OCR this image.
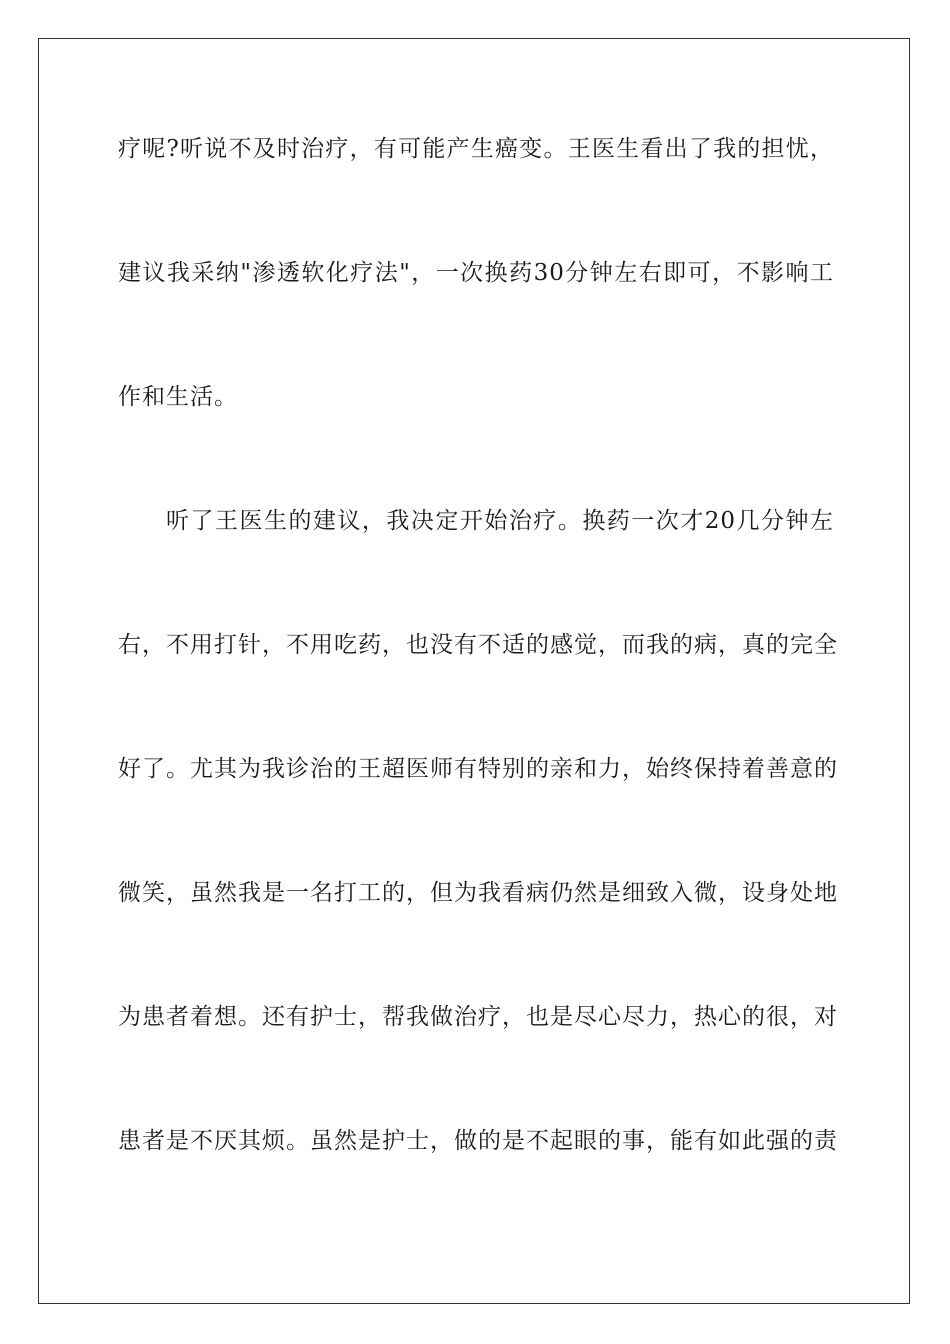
疗呢?听说不及时治疗，有可能产生癌变。王医生看出了我的担忧，
建议我采纳"渗透软化疗法"，一次换药30分钟左右即可，不影响工
作和生活。
听了王医生的建议，我决定开始治疗。换药一次才20几分钟左
右，不用打针，不用吃药，也没有不适的感觉，而我的病，真的完全
好了。尤其为我诊治的王超医师有特别的亲和力，始终保持着善意的
微笑，虽然我是一名打工的，但为我看病仍然是细致入微，设身处地
为患者着想。还有护士，帮我做治疗，也是尽心尽力，热心的很，对
患者是不厌其烦。虽然是护士，做的是不起眼的事，能有如此强的责
